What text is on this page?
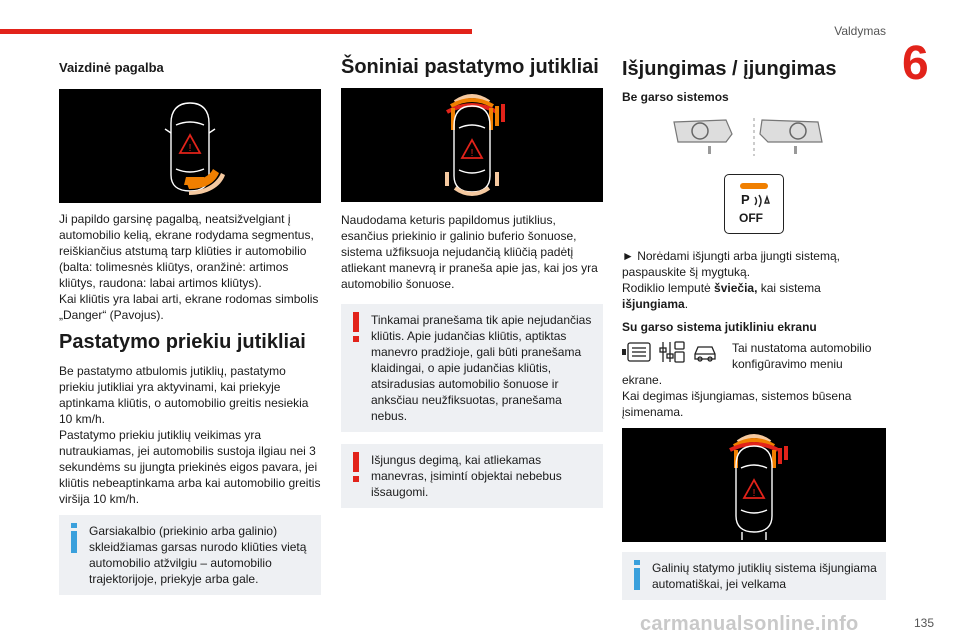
Valdymas
6
Vaizdinė pagalba
!
Ji papildo garsinę pagalbą, neatsižvelgiant į automobilio kelią, ekrane rodydama segmentus, reiškiančius atstumą tarp kliūties ir automobilio (balta: tolimesnės kliūtys, oranžinė: artimos kliūtys, raudona: labai artimos kliūtys).
Kai kliūtis yra labai arti, ekrane rodomas simbolis „Danger“ (Pavojus).
Pastatymo priekiu jutikliai
Be pastatymo atbulomis jutiklių, pastatymo priekiu jutikliai yra aktyvinami, kai priekyje aptinkama kliūtis, o automobilio greitis nesiekia 10 km/h.
Pastatymo priekiu jutiklių veikimas yra nutraukiamas, jei automobilis sustoja ilgiau nei 3 sekundėms su įjungta priekinės eigos pavara, jei kliūtis nebeaptinkama arba kai automobilio greitis viršija 10 km/h.
Garsiakalbio (priekinio arba galinio) skleidžiamas garsas nurodo kliūties vietą automobilio atžvilgiu – automobilio trajektorijoje, priekyje arba gale.
Šoniniai pastatymo jutikliai
!
Naudodama keturis papildomus jutiklius, esančius priekinio ir galinio buferio šonuose, sistema užfiksuoja nejudančią kliūčią padėtį atliekant manevrą ir praneša apie jas, kai jos yra automobilio šonuose.
Tinkamai pranešama tik apie nejudančias kliūtis. Apie judančias kliūtis, aptiktas manevro pradžioje, gali būti pranešama klaidingai, o apie judančias kliūtis, atsiradusias automobilio šonuose ir anksčiau neužfiksuotas, pranešama nebus.
Išjungus degimą, kai atliekamas manevras, įsimintí objektai nebebus išsaugomi.
Išjungimas / įjungimas
Be garso sistemos
P
OFF
► Norėdami išjungti arba įjungti sistemą, paspauskite šį mygtuką.
Rodiklio lemputė šviečia, kai sistema išjungiama.
Su garso sistema jutikliniu ekranu
Tai nustatoma automobilio konfigūravimo meniu
ekrane.
Kai degimas išjungiamas, sistemos būsena įsimenama.
!
Galinių statymo jutiklių sistema išjungiama automatiškai, jei velkama
carmanualsonline.info	135
